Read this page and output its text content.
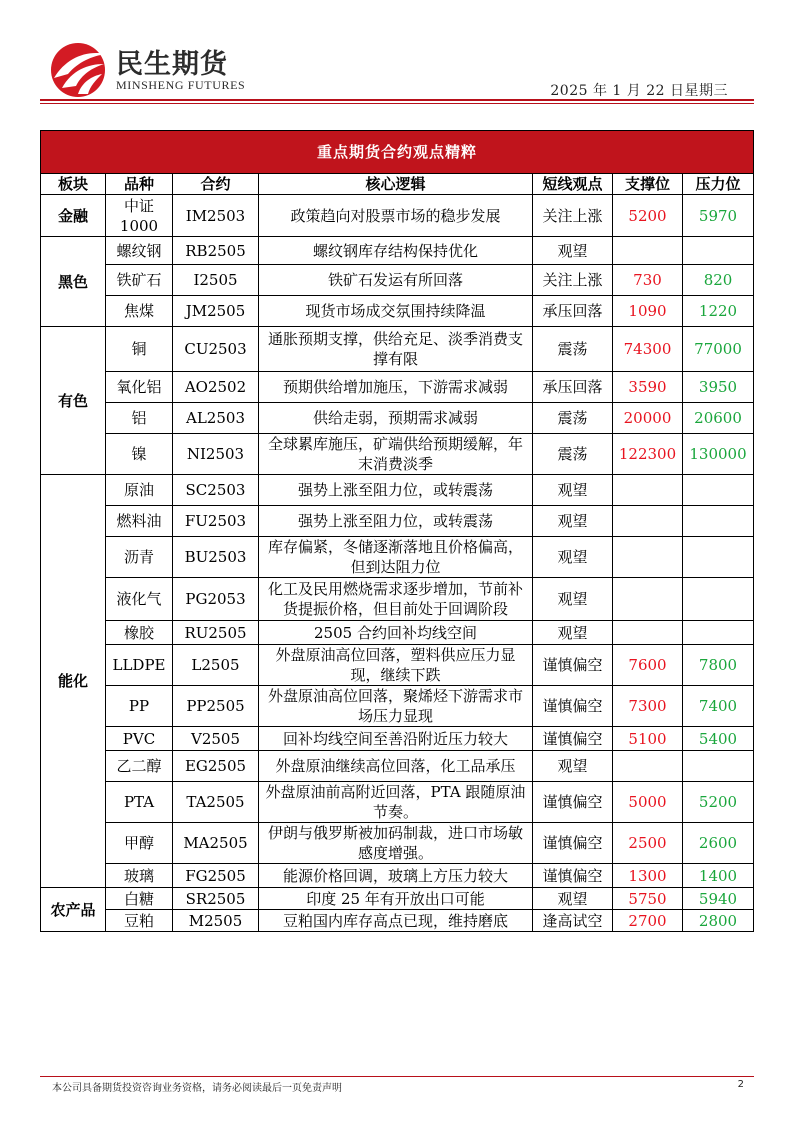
民生期货
MINSHENG FUTURES	2025 年 1 月 22 日星期三
重点期货合约观点精粹						
板块	品种	合约	核心逻辑	短线观点	支撑位	压力位
金融	中证1000	IM2503	政策趋向对股票市场的稳步发展	关注上涨	5200	5970
黑色	螺纹钢	RB2505	螺纹钢库存结构保持优化	观望		
	铁矿石	I2505	铁矿石发运有所回落	关注上涨	730	820
	焦煤	JM2505	现货市场成交氛围持续降温	承压回落	1090	1220
有色	铜	CU2503	通胀预期支撑，供给充足、淡季消费支撑有限	震荡	74300	77000
	氧化铝	AO2502	预期供给增加施压，下游需求减弱	承压回落	3590	3950
	铝	AL2503	供给走弱，预期需求减弱	震荡	20000	20600
	镍	NI2503	全球累库施压，矿端供给预期缓解，年末消费淡季	震荡	122300	130000
能化	原油	SC2503	强势上涨至阻力位，或转震荡	观望		
	燃料油	FU2503	强势上涨至阻力位，或转震荡	观望		
	沥青	BU2503	库存偏紧，冬储逐渐落地且价格偏高，但到达阻力位	观望		
	液化气	PG2053	化工及民用燃烧需求逐步增加，节前补货提振价格，但目前处于回调阶段	观望		
	橡胶	RU2505	2505 合约回补均线空间	观望		
	LLDPE	L2505	外盘原油高位回落，塑料供应压力显现，继续下跌	谨慎偏空	7600	7800
	PP	PP2505	外盘原油高位回落，聚烯烃下游需求市场压力显现	谨慎偏空	7300	7400
	PVC	V2505	回补均线空间至善沿附近压力较大	谨慎偏空	5100	5400
	乙二醇	EG2505	外盘原油继续高位回落，化工品承压	观望		
	PTA	TA2505	外盘原油前高附近回落，PTA 跟随原油节奏。	谨慎偏空	5000	5200
	甲醇	MA2505	伊朗与俄罗斯被加码制裁，进口市场敏感度增强。	谨慎偏空	2500	2600
	玻璃	FG2505	能源价格回调，玻璃上方压力较大	谨慎偏空	1300	1400
农产品	白糖	SR2505	印度 25 年有开放出口可能	观望	5750	5940
	豆粕	M2505	豆粕国内库存高点已现，维持磨底	逢高试空	2700	2800
本公司具备期货投资咨询业务资格，请务必阅读最后一页免责声明	2
